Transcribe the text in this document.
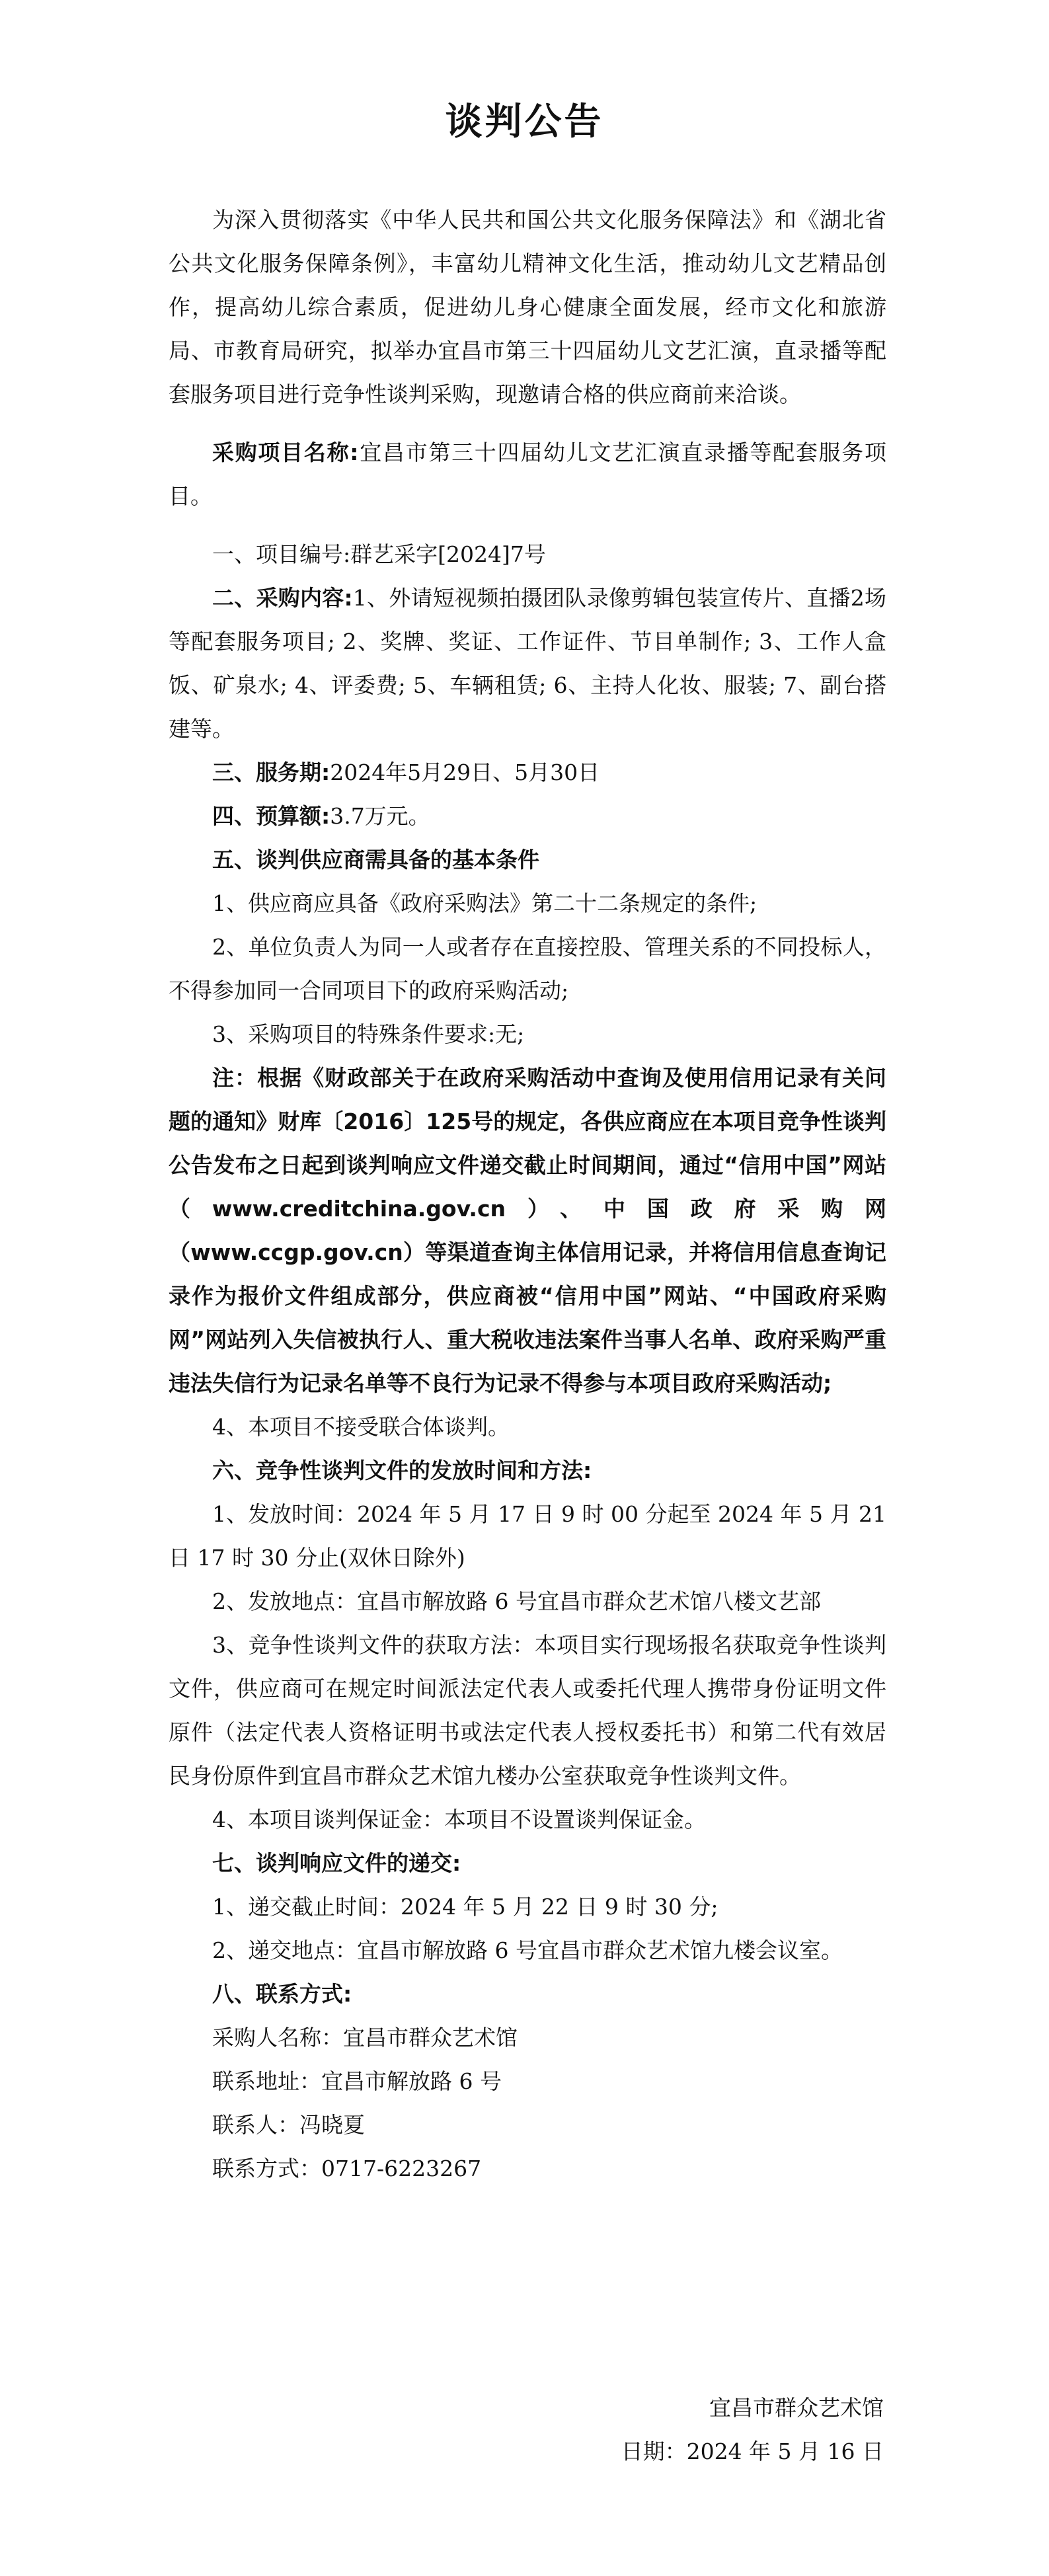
谈判公告

为深入贯彻落实《中华人民共和国公共文化服务保障法》和《湖北省公共文化服务保障条例》，丰富幼儿精神文化生活，推动幼儿文艺精品创作，提高幼儿综合素质，促进幼儿身心健康全面发展，经市文化和旅游局、市教育局研究，拟举办宜昌市第三十四届幼儿文艺汇演，直录播等配套服务项目进行竞争性谈判采购，现邀请合格的供应商前来洽谈。

采购项目名称:宜昌市第三十四届幼儿文艺汇演直录播等配套服务项目。

一、项目编号:群艺采字[2024]7号

二、采购内容:1、外请短视频拍摄团队录像剪辑包装宣传片、直播2场等配套服务项目; 2、奖牌、奖证、工作证件、节目单制作; 3、工作人盒饭、矿泉水; 4、评委费; 5、车辆租赁; 6、主持人化妆、服装; 7、副台搭建等。

三、服务期:2024年5月29日、5月30日

四、预算额:3.7万元。

五、谈判供应商需具备的基本条件

1、供应商应具备《政府采购法》第二十二条规定的条件;

2、单位负责人为同一人或者存在直接控股、管理关系的不同投标人，不得参加同一合同项目下的政府采购活动;

3、采购项目的特殊条件要求:无;

注：根据《财政部关于在政府采购活动中查询及使用信用记录有关问题的通知》财库〔2016〕125号的规定，各供应商应在本项目竞争性谈判公告发布之日起到谈判响应文件递交截止时间期间，通过“信用中国”网站（www.creditchina.gov.cn）、中国政府采购网（www.ccgp.gov.cn）等渠道查询主体信用记录，并将信用信息查询记录作为报价文件组成部分，供应商被“信用中国”网站、“中国政府采购网”网站列入失信被执行人、重大税收违法案件当事人名单、政府采购严重违法失信行为记录名单等不良行为记录不得参与本项目政府采购活动;

4、本项目不接受联合体谈判。

六、竞争性谈判文件的发放时间和方法:

1、发放时间：2024 年 5 月 17 日 9 时 00 分起至 2024 年 5 月 21 日 17 时 30 分止(双休日除外)

2、发放地点：宜昌市解放路 6 号宜昌市群众艺术馆八楼文艺部

3、竞争性谈判文件的获取方法：本项目实行现场报名获取竞争性谈判文件，供应商可在规定时间派法定代表人或委托代理人携带身份证明文件原件（法定代表人资格证明书或法定代表人授权委托书）和第二代有效居民身份原件到宜昌市群众艺术馆九楼办公室获取竞争性谈判文件。

4、本项目谈判保证金：本项目不设置谈判保证金。

七、谈判响应文件的递交:

1、递交截止时间：2024 年 5 月 22 日 9 时 30 分;

2、递交地点：宜昌市解放路 6 号宜昌市群众艺术馆九楼会议室。

八、联系方式:

采购人名称：宜昌市群众艺术馆

联系地址：宜昌市解放路 6 号

联系人：冯晓夏

联系方式：0717-6223267

宜昌市群众艺术馆
日期：2024 年 5 月 16 日
